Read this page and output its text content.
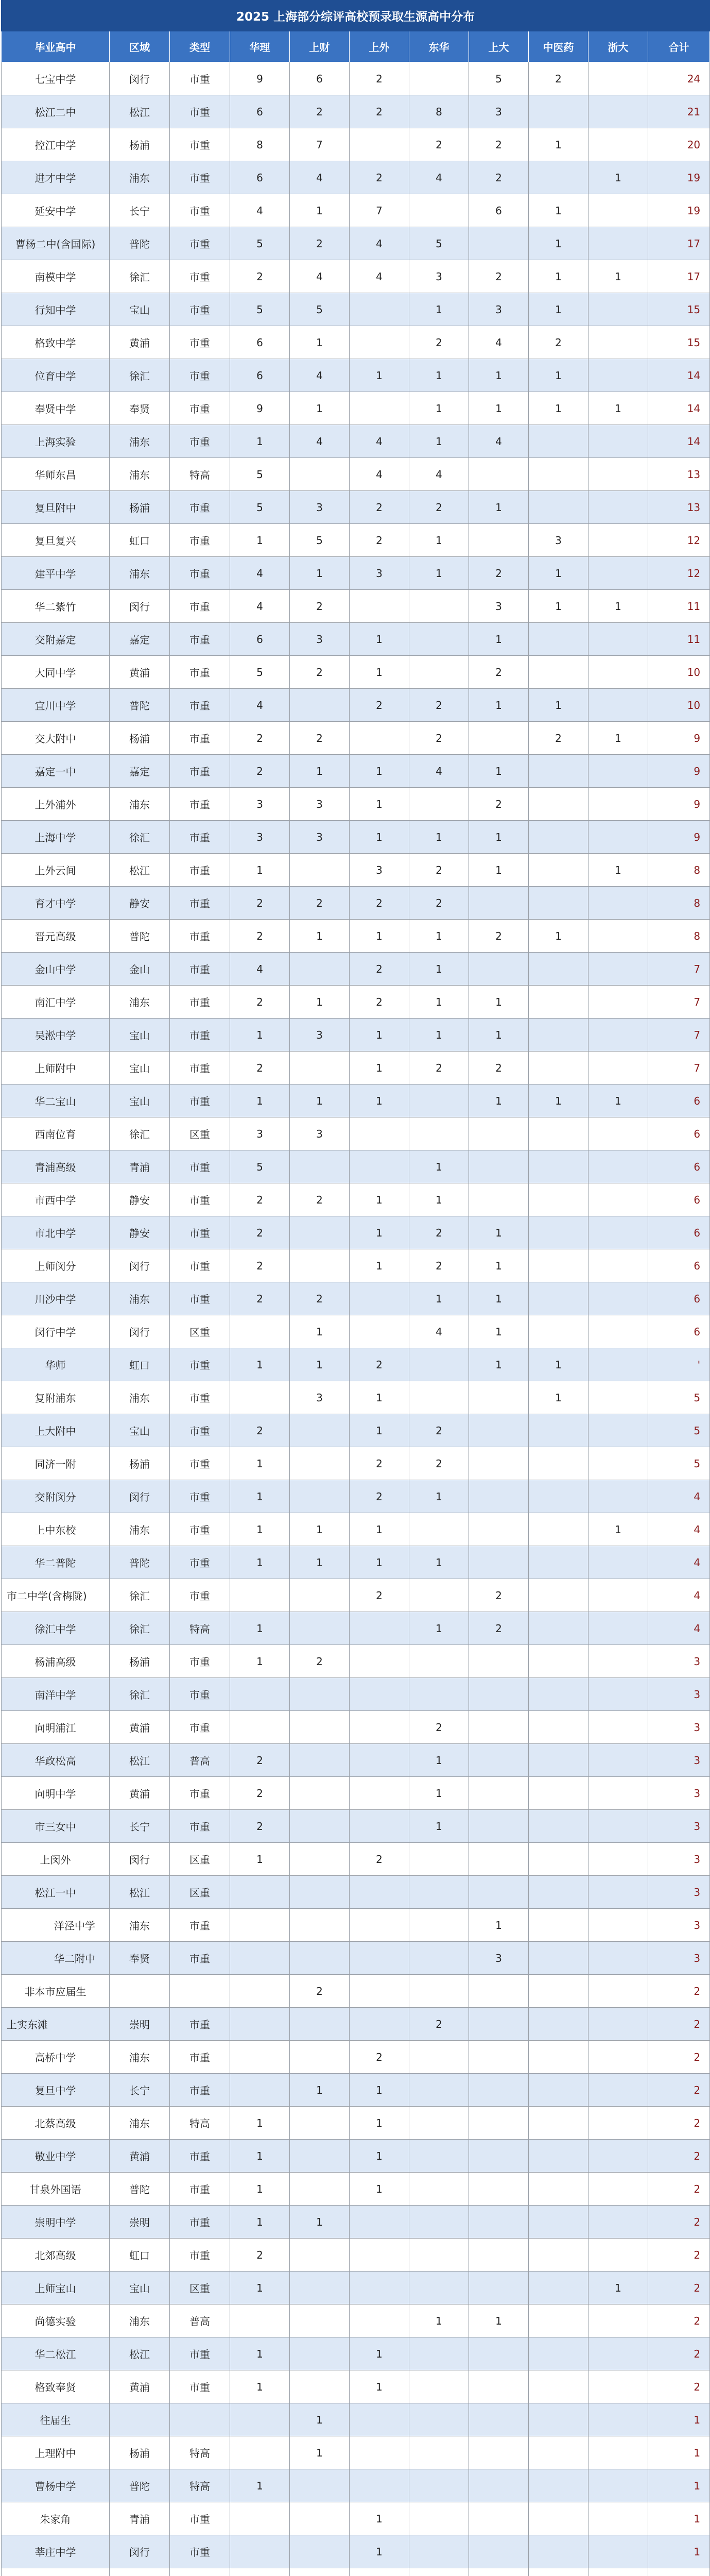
2025 上海部分综评高校预录取生源高中分布										
毕业高中	区域	类型	华理	上财	上外	东华	上大	中医药	浙大	合计
七宝中学	闵行	市重	9	6	2		5	2		24
松江二中	松江	市重	6	2	2	8	3			21
控江中学	杨浦	市重	8	7		2	2	1		20
进才中学	浦东	市重	6	4	2	4	2		1	19
延安中学	长宁	市重	4	1	7		6	1		19
曹杨二中(含国际)	普陀	市重	5	2	4	5		1		17
南模中学	徐汇	市重	2	4	4	3	2	1	1	17
行知中学	宝山	市重	5	5		1	3	1		15
格致中学	黄浦	市重	6	1		2	4	2		15
位育中学	徐汇	市重	6	4	1	1	1	1		14
奉贤中学	奉贤	市重	9	1		1	1	1	1	14
上海实验	浦东	市重	1	4	4	1	4			14
华师东昌	浦东	特高	5		4	4				13
复旦附中	杨浦	市重	5	3	2	2	1			13
复旦复兴	虹口	市重	1	5	2	1		3		12
建平中学	浦东	市重	4	1	3	1	2	1		12
华二紫竹	闵行	市重	4	2			3	1	1	11
交附嘉定	嘉定	市重	6	3	1		1			11
大同中学	黄浦	市重	5	2	1		2			10
宜川中学	普陀	市重	4		2	2	1	1		10
交大附中	杨浦	市重	2	2		2		2	1	9
嘉定一中	嘉定	市重	2	1	1	4	1			9
上外浦外	浦东	市重	3	3	1		2			9
上海中学	徐汇	市重	3	3	1	1	1			9
上外云间	松江	市重	1		3	2	1		1	8
育才中学	静安	市重	2	2	2	2				8
晋元高级	普陀	市重	2	1	1	1	2	1		8
金山中学	金山	市重	4		2	1				7
南汇中学	浦东	市重	2	1	2	1	1			7
吴淞中学	宝山	市重	1	3	1	1	1			7
上师附中	宝山	市重	2		1	2	2			7
华二宝山	宝山	市重	1	1	1		1	1	1	6
西南位育	徐汇	区重	3	3						6
青浦高级	青浦	市重	5			1				6
市西中学	静安	市重	2	2	1	1				6
市北中学	静安	市重	2		1	2	1			6
上师闵分	闵行	市重	2		1	2	1			6
川沙中学	浦东	市重	2	2		1	1			6
闵行中学	闵行	区重		1		4	1			6
华师	虹口	市重	1	1	2		1	1		'
复附浦东	浦东	市重		3	1			1		5
上大附中	宝山	市重	2		1	2				5
同济一附	杨浦	市重	1		2	2				5
交附闵分	闵行	市重	1		2	1				4
上中东校	浦东	市重	1	1	1				1	4
华二普陀	普陀	市重	1	1	1	1				4
市二中学(含梅陇)	徐汇	市重			2		2			4
徐汇中学	徐汇	特高	1			1	2			4
杨浦高级	杨浦	市重	1	2						3
南洋中学	徐汇	市重								3
向明浦江	黄浦	市重				2				3
华政松高	松江	普高	2			1				3
向明中学	黄浦	市重	2			1				3
市三女中	长宁	市重	2			1				3
上闵外	闵行	区重	1		2					3
松江一中	松江	区重								3
洋泾中学	浦东	市重					1			3
华二附中	奉贤	市重					3			3
非本市应届生				2						2
上实东滩	崇明	市重				2				2
高桥中学	浦东	市重			2					2
复旦中学	长宁	市重		1	1					2
北蔡高级	浦东	特高	1		1					2
敬业中学	黄浦	市重	1		1					2
甘泉外国语	普陀	市重	1		1					2
崇明中学	崇明	市重	1	1						2
北郊高级	虹口	市重	2							2
上师宝山	宝山	区重	1						1	2
尚德实验	浦东	普高				1	1			2
华二松江	松江	市重	1		1					2
格致奉贤	黄浦	市重	1		1					2
往届生				1						1
上理附中	杨浦	特高		1						1
曹杨中学	普陀	特高	1							1
朱家角	青浦	市重			1					1
莘庄中学	闵行	市重			1					1
